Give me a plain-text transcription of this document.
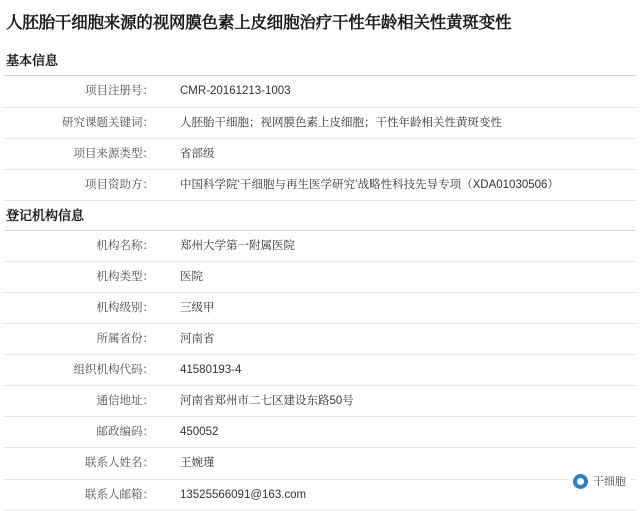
人胚胎干细胞来源的视网膜色素上皮细胞治疗干性年龄相关性黄斑变性
基本信息
项目注册号：	CMR-20161213-1003
研究课题关键词：	人胚胎干细胞；视网膜色素上皮细胞；干性年龄相关性黄斑变性
项目来源类型：	省部级
项目资助方：	中国科学院‘干细胞与再生医学研究’战略性科技先导专项（XDA01030506）
登记机构信息
机构名称：	郑州大学第一附属医院
机构类型：	医院
机构级别：	三级甲
所属省份：	河南省
组织机构代码：	41580193-4
通信地址：	河南省郑州市二七区建设东路50号
邮政编码：	450052
联系人姓名：	王婉瑾
联系人邮箱：	13525566091@163.com
干细胞
